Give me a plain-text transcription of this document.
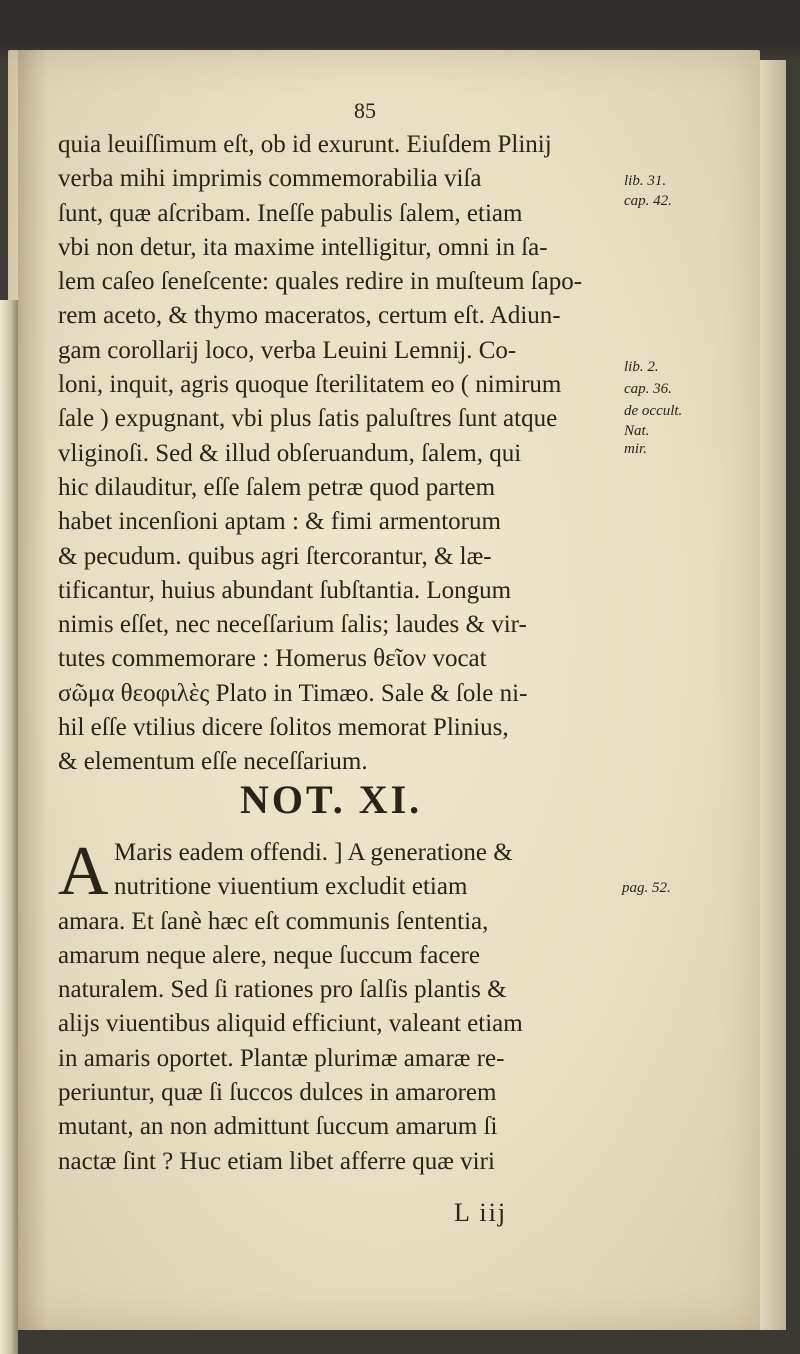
85
quia leuiſſimum eſt, ob id exurunt. Eiuſdem Plinij
verba mihi imprimis commemorabilia viſa
ſunt, quæ aſcribam. Ineſſe pabulis ſalem, etiam
vbi non detur, ita maxime intelligitur, omni in ſa-
lem caſeo ſeneſcente: quales redire in muſteum ſapo-
rem aceto, & thymo maceratos, certum eſt. Adiun-
gam corollarij loco, verba Leuini Lemnij. Co-
loni, inquit, agris quoque ſterilitatem eo ( nimirum
ſale ) expugnant, vbi plus ſatis paluſtres ſunt atque
vliginoſi. Sed & illud obſeruandum, ſalem, qui
hic dilauditur, eſſe ſalem petræ quod partem
habet incenſioni aptam : & fimi armentorum
& pecudum. quibus agri ſtercorantur, & læ-
tificantur, huius abundant ſubſtantia. Longum
nimis eſſet, nec neceſſarium ſalis; laudes & vir-
tutes commemorare : Homerus θεῖον vocat
σῶμα θεοφιλὲς Plato in Timæo. Sale & ſole ni-
hil eſſe vtilius dicere ſolitos memorat Plinius,
& elementum eſſe neceſſarium.
lib. 31.
cap. 42.
lib. 2.
cap. 36.
de occult.
Nat.
mir.
NOT. XI.
A Maris eadem offendi. ] A generatione &
nutritione viuentium excludit etiam
amara. Et ſanè hæc eſt communis ſententia,
amarum neque alere, neque ſuccum facere
naturalem. Sed ſi rationes pro ſalſis plantis &
alijs viuentibus aliquid efficiunt, valeant etiam
in amaris oportet. Plantæ plurimæ amaræ re-
periuntur, quæ ſi ſuccos dulces in amarorem
mutant, an non admittunt ſuccum amarum ſi
nactæ ſint ? Huc etiam libet afferre quæ viri
pag. 52.
L iij
